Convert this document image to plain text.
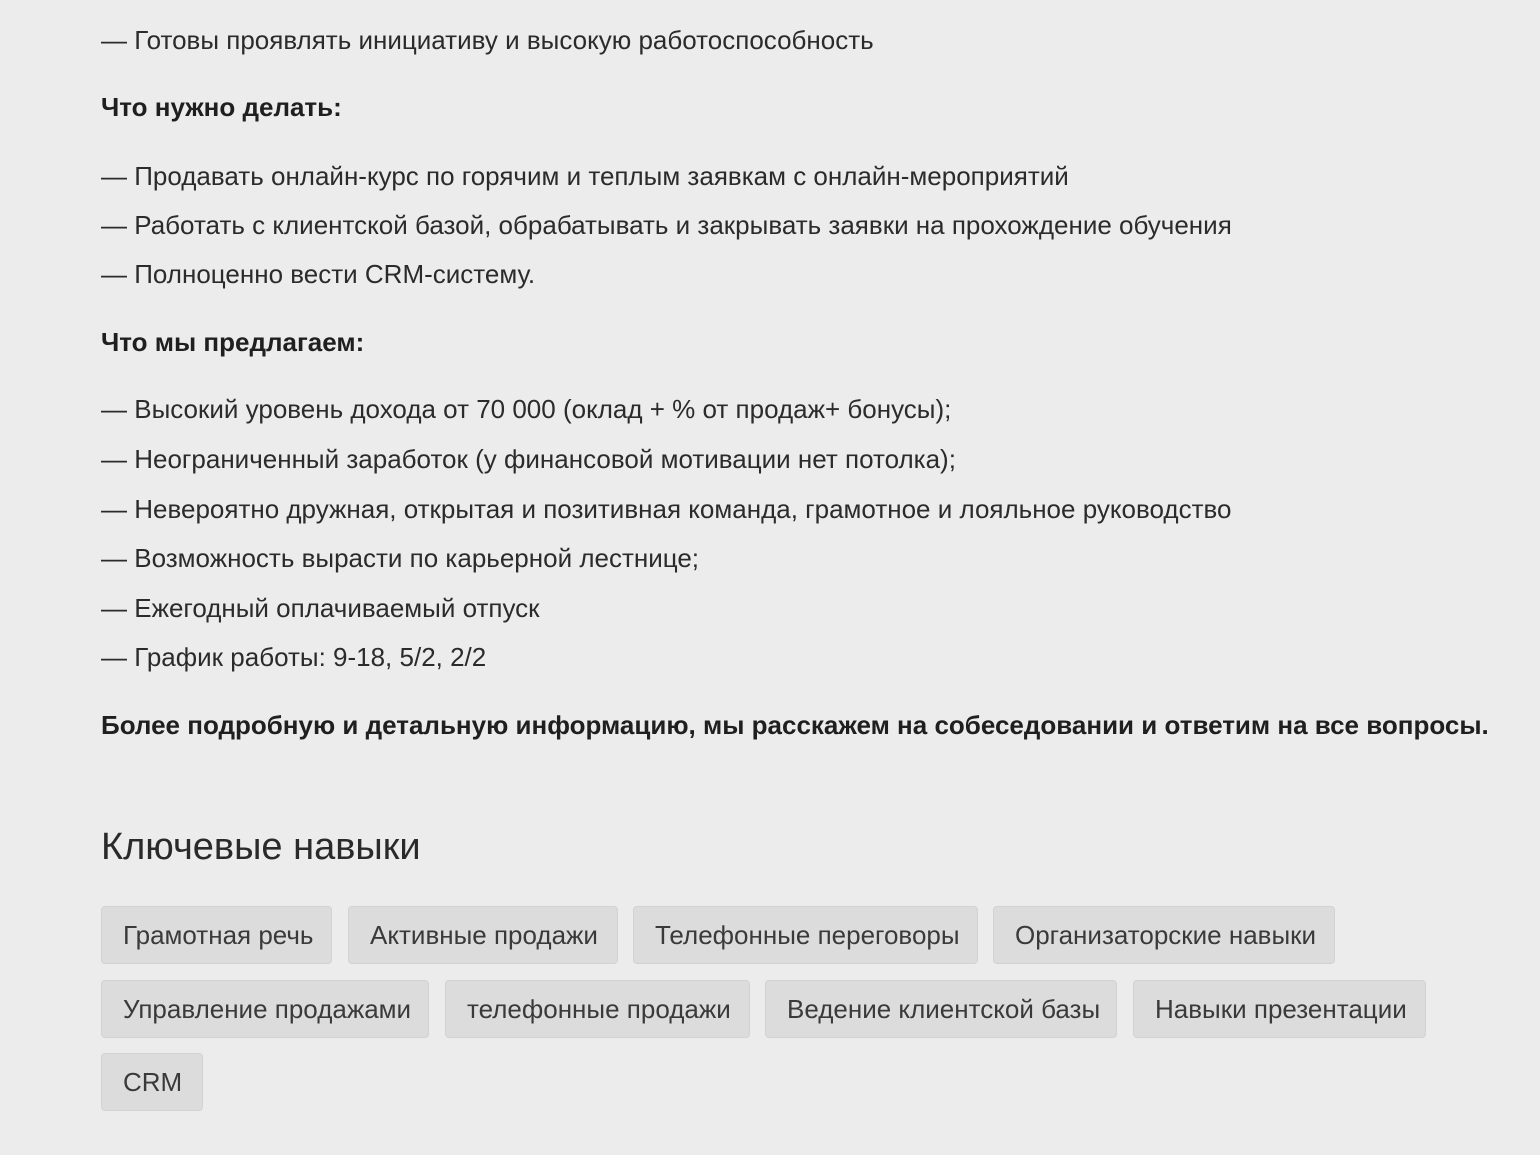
— Готовы проявлять инициативу и высокую работоспособность
Что нужно делать:
— Продавать онлайн-курс по горячим и теплым заявкам с онлайн-мероприятий
— Работать с клиентской базой, обрабатывать и закрывать заявки на прохождение обучения
— Полноценно вести CRM-систему.
Что мы предлагаем:
— Высокий уровень дохода от 70 000 (оклад + % от продаж+ бонусы);
— Неограниченный заработок (у финансовой мотивации нет потолка);
— Невероятно дружная, открытая и позитивная команда, грамотное и лояльное руководство
— Возможность вырасти по карьерной лестнице;
— Ежегодный оплачиваемый отпуск
— График работы: 9-18, 5/2, 2/2
Более подробную и детальную информацию, мы расскажем на собеседовании и ответим на все вопросы.
Ключевые навыки
Грамотная речь	Активные продажи	Телефонные переговоры	Организаторские навыки
Управление продажами	телефонные продажи	Ведение клиентской базы	Навыки презентации
CRM
